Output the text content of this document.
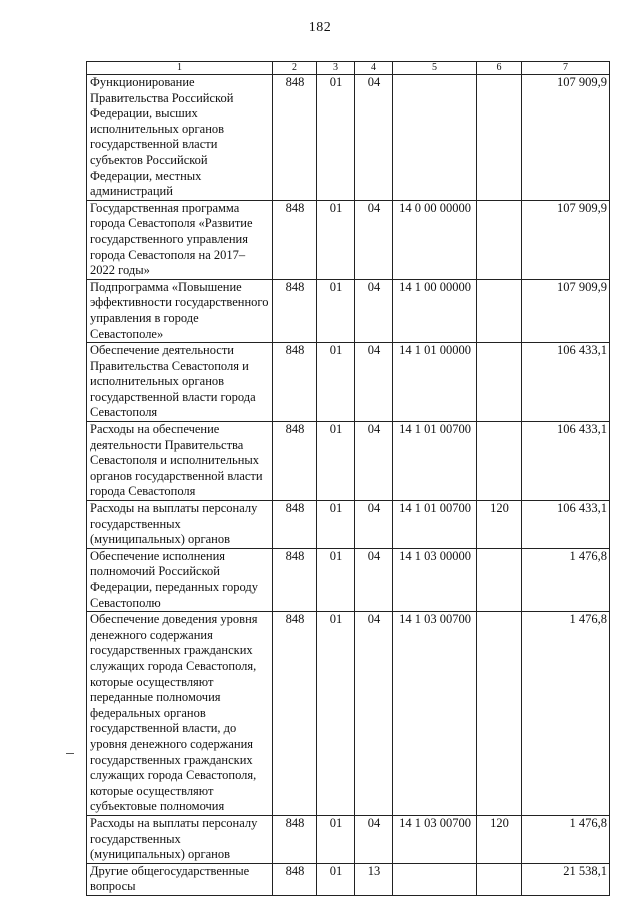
182
1	2	3	4	5	6	7
Функционирование Правительства Российской Федерации, высших исполнительных органов государственной власти субъектов Российской Федерации, местных администраций	848	01	04			107 909,9
Государственная программа города Севастополя «Развитие государственного управления города Севастополя на 2017–2022 годы»	848	01	04	14 0 00 00000		107 909,9
Подпрограмма «Повышение эффективности государственного управления в городе Севастополе»	848	01	04	14 1 00 00000		107 909,9
Обеспечение деятельности Правительства Севастополя и исполнительных органов государственной власти города Севастополя	848	01	04	14 1 01 00000		106 433,1
Расходы на обеспечение деятельности Правительства Севастополя и исполнительных органов государственной власти города Севастополя	848	01	04	14 1 01 00700		106 433,1
Расходы на выплаты персоналу государственных (муниципальных) органов	848	01	04	14 1 01 00700	120	106 433,1
Обеспечение исполнения полномочий Российской Федерации, переданных городу Севастополю	848	01	04	14 1 03 00000		1 476,8
Обеспечение доведения уровня денежного содержания государственных гражданских служащих города Севастополя, которые осуществляют переданные полномочия федеральных органов государственной власти, до уровня денежного содержания государственных гражданских служащих города Севастополя, которые осуществляют субъектовые полномочия	848	01	04	14 1 03 00700		1 476,8
Расходы на выплаты персоналу государственных (муниципальных) органов	848	01	04	14 1 03 00700	120	1 476,8
Другие общегосударственные вопросы	848	01	13			21 538,1
